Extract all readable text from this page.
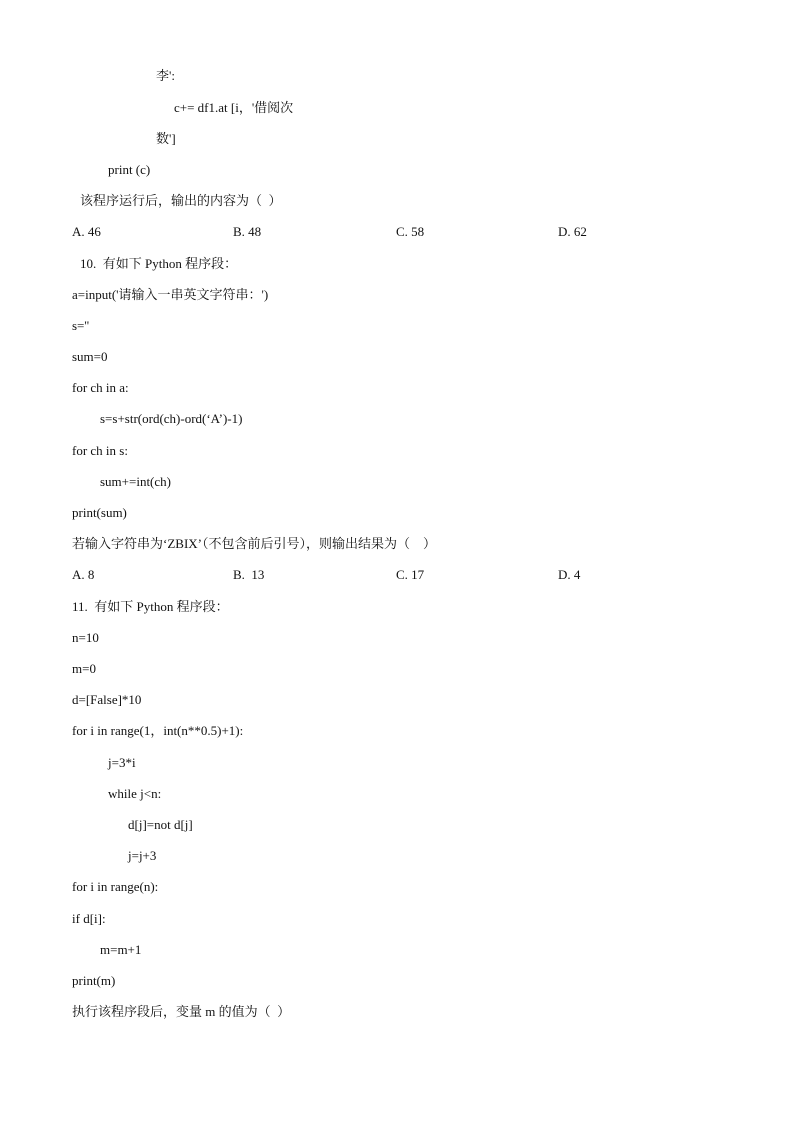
李':
c+= df1.at [i，'借阅次
数']
print (c)
该程序运行后，输出的内容为（  ）
A. 46	B. 48	C. 58	D. 62
10.  有如下 Python 程序段：
a=input('请输入一串英文字符串：')
s=''
sum=0
for ch in a:
s=s+str(ord(ch)-ord(‘A’)-1)
for ch in s:
sum+=int(ch)
print(sum)
若输入字符串为‘ZBIX’（不包含前后引号），则输出结果为（    ）
A. 8	B.  13	C. 17	D. 4
11.  有如下 Python 程序段：
n=10
m=0
d=[False]*10
for i in range(1，int(n**0.5)+1):
j=3*i
while j<n:
d[j]=not d[j]
j=j+3
for i in range(n):
if d[i]:
m=m+1
print(m)
执行该程序段后，变量 m 的值为（  ）
